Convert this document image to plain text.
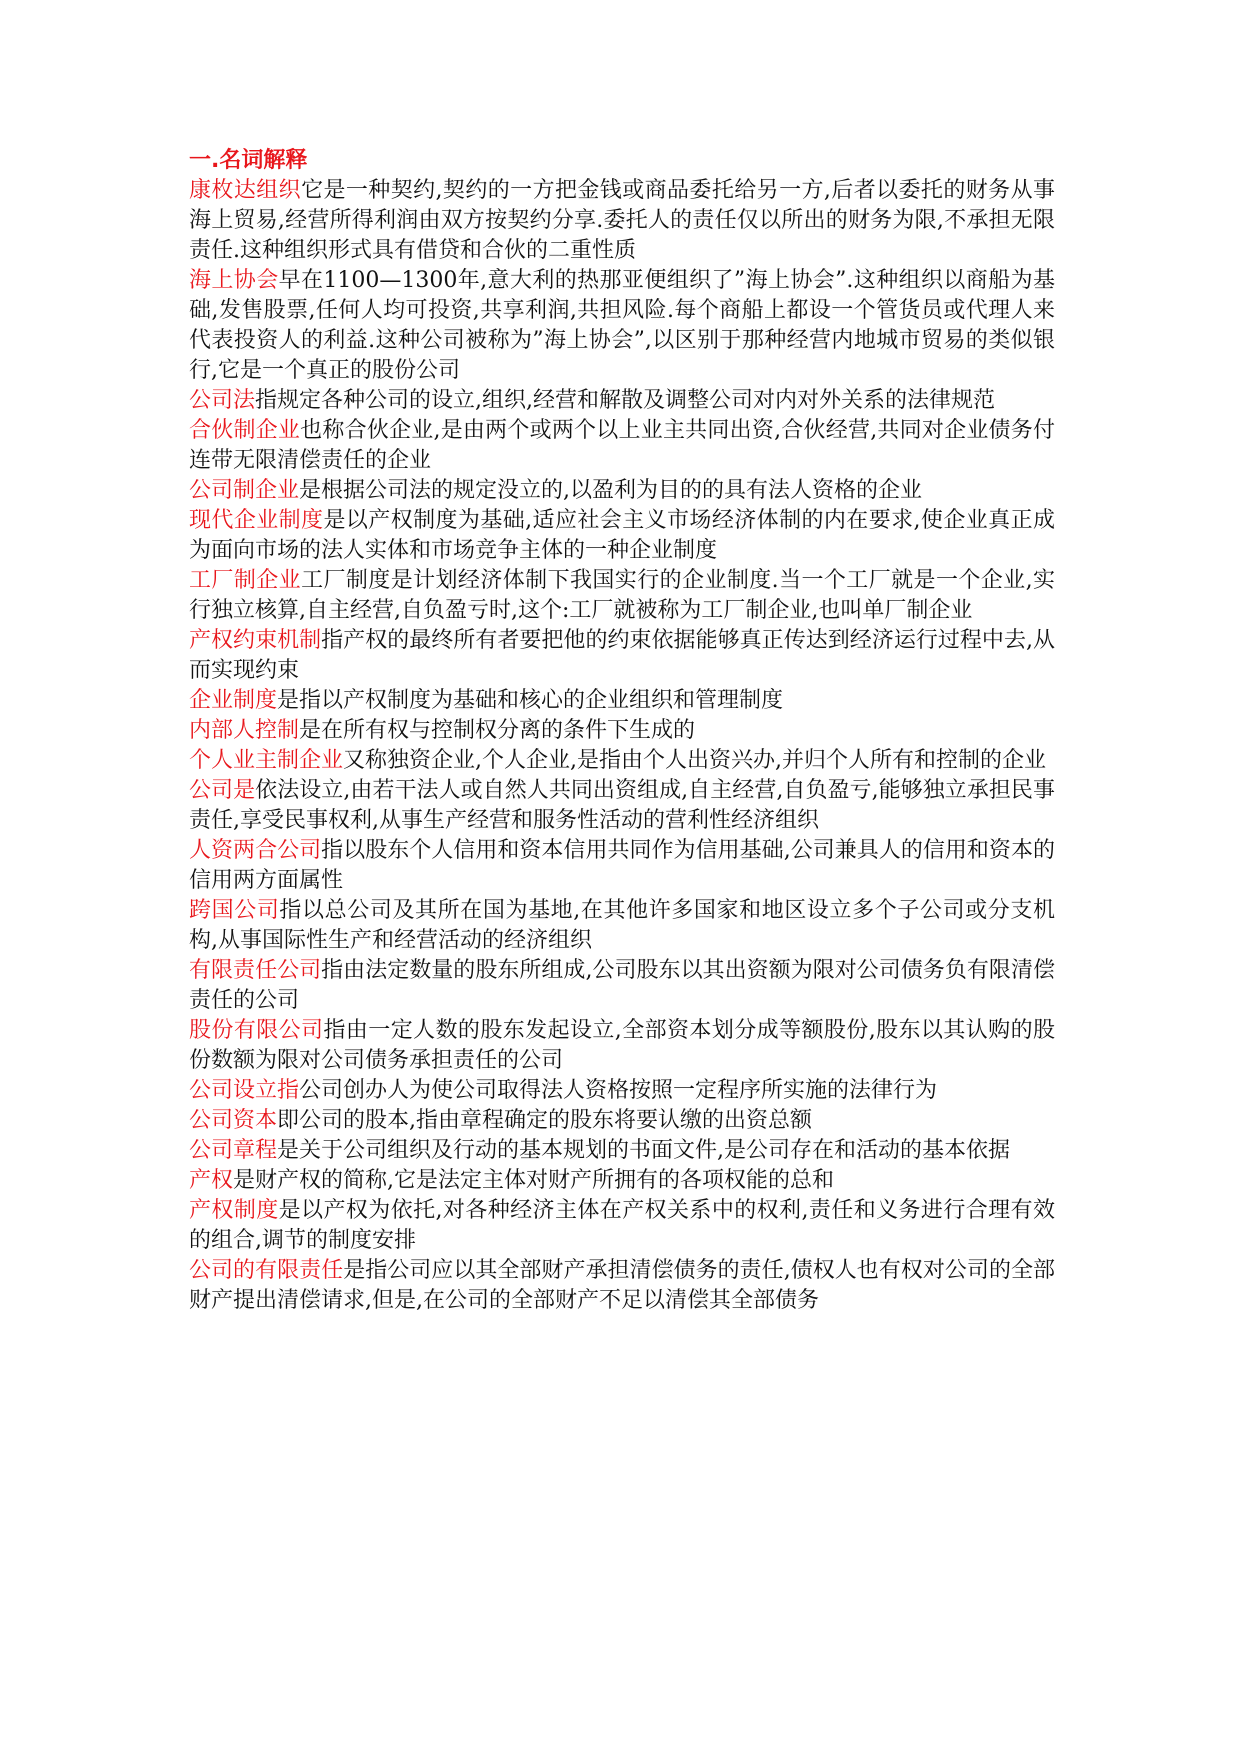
一.名词解释

康枚达组织它是一种契约,契约的一方把金钱或商品委托给另一方,后者以委托的财务从事海上贸易,经营所得利润由双方按契约分享.委托人的责任仅以所出的财务为限,不承担无限责任.这种组织形式具有借贷和合伙的二重性质

海上协会早在1100—1300年,意大利的热那亚便组织了”海上协会”.这种组织以商船为基础,发售股票,任何人均可投资,共享利润,共担风险.每个商船上都设一个管货员或代理人来代表投资人的利益.这种公司被称为”海上协会”,以区别于那种经营内地城市贸易的类似银行,它是一个真正的股份公司

公司法指规定各种公司的设立,组织,经营和解散及调整公司对内对外关系的法律规范

合伙制企业也称合伙企业,是由两个或两个以上业主共同出资,合伙经营,共同对企业债务付连带无限清偿责任的企业

公司制企业是根据公司法的规定没立的,以盈利为目的的具有法人资格的企业

现代企业制度是以产权制度为基础,适应社会主义市场经济体制的内在要求,使企业真正成为面向市场的法人实体和市场竞争主体的一种企业制度

工厂制企业工厂制度是计划经济体制下我国实行的企业制度.当一个工厂就是一个企业,实行独立核算,自主经营,自负盈亏时,这个:工厂就被称为工厂制企业,也叫单厂制企业

产权约束机制指产权的最终所有者要把他的约束依据能够真正传达到经济运行过程中去,从而实现约束

企业制度是指以产权制度为基础和核心的企业组织和管理制度

内部人控制是在所有权与控制权分离的条件下生成的

个人业主制企业又称独资企业,个人企业,是指由个人出资兴办,并归个人所有和控制的企业

公司是依法设立,由若干法人或自然人共同出资组成,自主经营,自负盈亏,能够独立承担民事责任,享受民事权利,从事生产经营和服务性活动的营利性经济组织

人资两合公司指以股东个人信用和资本信用共同作为信用基础,公司兼具人的信用和资本的信用两方面属性

跨国公司指以总公司及其所在国为基地,在其他许多国家和地区设立多个子公司或分支机构,从事国际性生产和经营活动的经济组织

有限责任公司指由法定数量的股东所组成,公司股东以其出资额为限对公司债务负有限清偿责任的公司

股份有限公司指由一定人数的股东发起设立,全部资本划分成等额股份,股东以其认购的股份数额为限对公司债务承担责任的公司

公司设立指公司创办人为使公司取得法人资格按照一定程序所实施的法律行为

公司资本即公司的股本,指由章程确定的股东将要认缴的出资总额

公司章程是关于公司组织及行动的基本规划的书面文件,是公司存在和活动的基本依据

产权是财产权的简称,它是法定主体对财产所拥有的各项权能的总和

产权制度是以产权为依托,对各种经济主体在产权关系中的权利,责任和义务进行合理有效的组合,调节的制度安排

公司的有限责任是指公司应以其全部财产承担清偿债务的责任,债权人也有权对公司的全部财产提出清偿请求,但是,在公司的全部财产不足以清偿其全部债务
